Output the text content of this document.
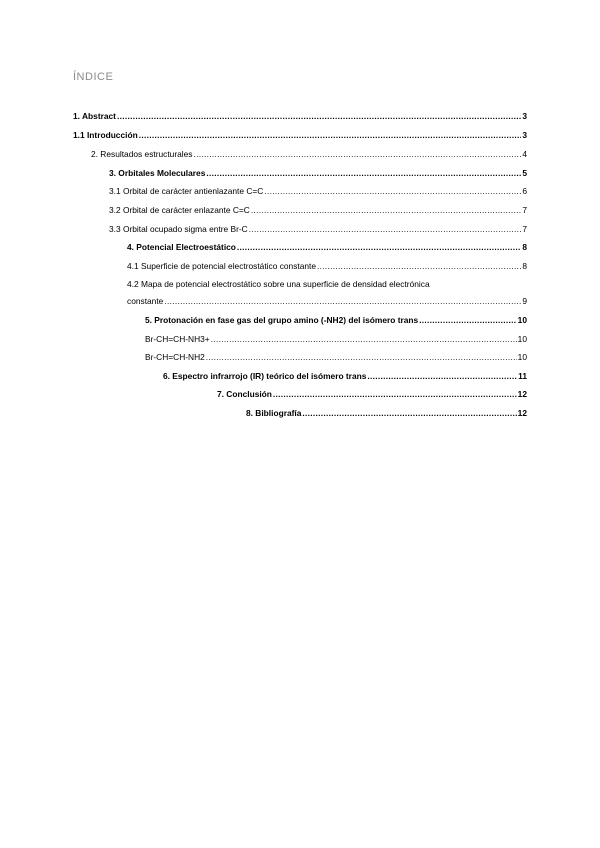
ÍNDICE
1. Abstract .....	3
1.1 Introducción .....	3
2. Resultados estructurales .....	4
3. Orbitales Moleculares .....	5
3.1 Orbital de carácter antienlazante C=C .....	6
3.2 Orbital de carácter enlazante C=C .....	7
3.3 Orbital ocupado sigma entre Br-C .....	7
4. Potencial Electroestático .....	8
4.1 Superficie de potencial electrostático constante .....	8
4.2 Mapa de potencial electrostático sobre una superficie de densidad electrónica
constante .....	9
5. Protonación en fase gas del grupo amino (-NH2) del isómero trans .....	10
Br-CH=CH-NH3+ .....	10
Br-CH=CH-NH2 .....	10
6. Espectro infrarrojo (IR) teórico del isómero trans .....	11
7. Conclusión .....	12
8. Bibliografía .....	12
